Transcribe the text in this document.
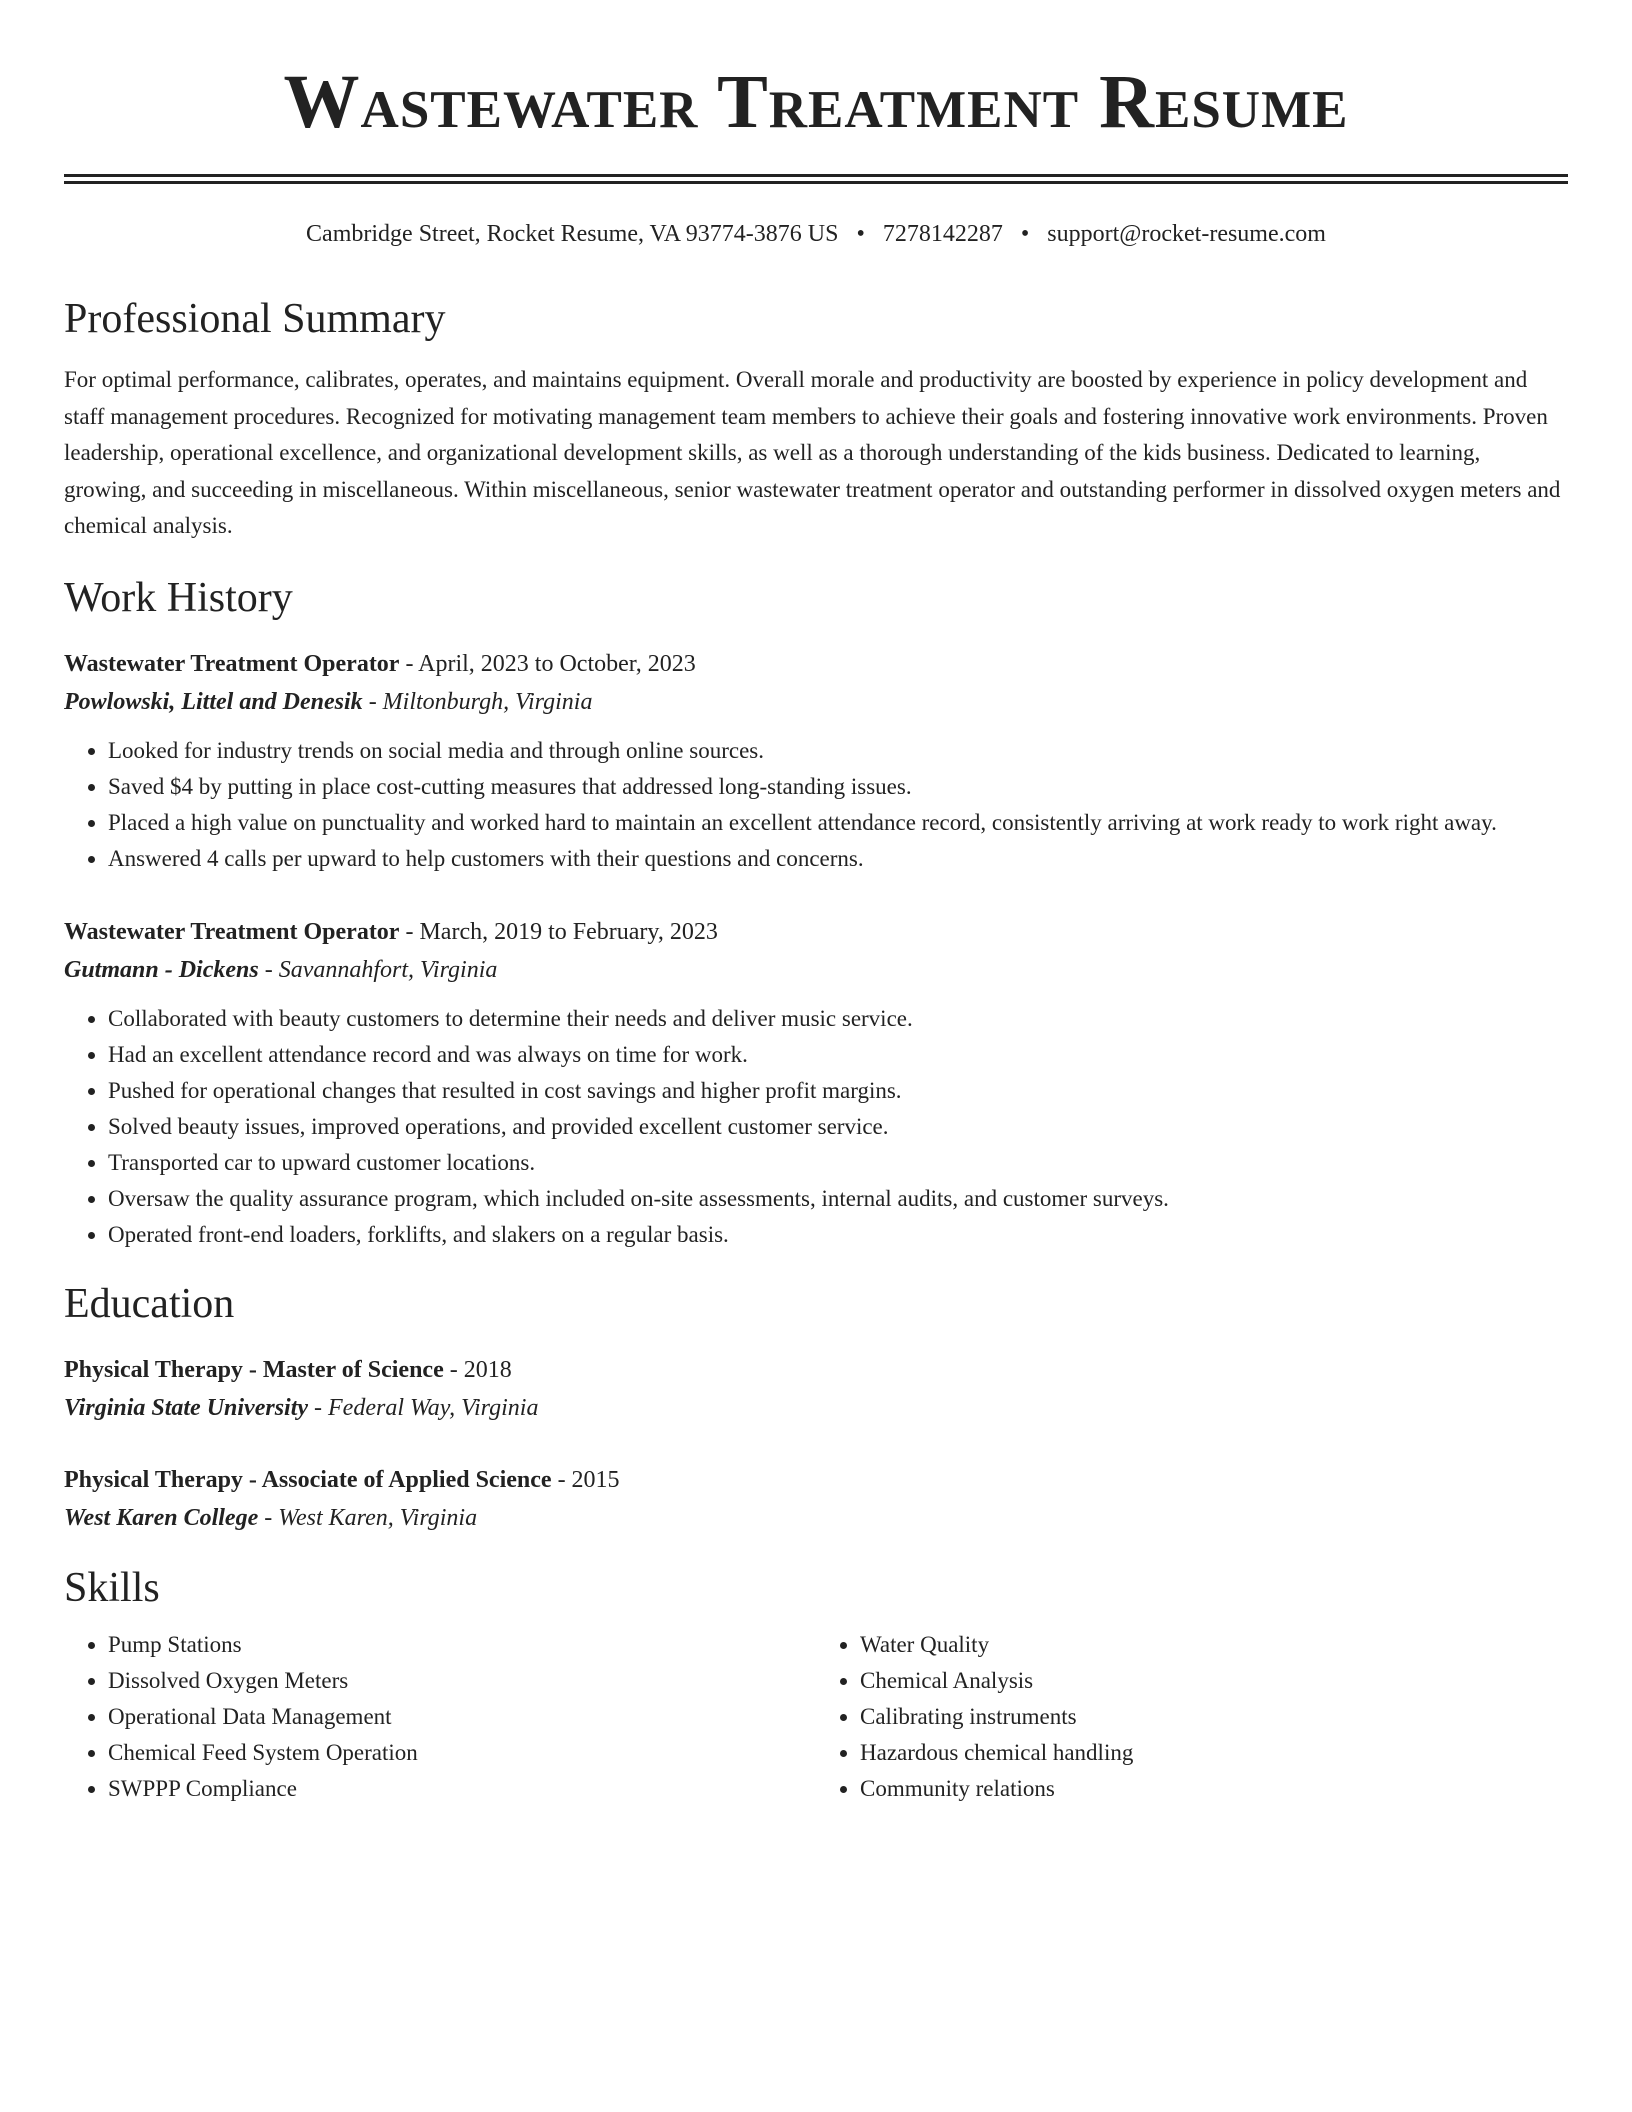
Wastewater Treatment Resume
Cambridge Street, Rocket Resume, VA 93774-3876 US • 7278142287 • support@rocket-resume.com
Professional Summary

For optimal performance, calibrates, operates, and maintains equipment. Overall morale and productivity are boosted by experience in policy development and staff management procedures. Recognized for motivating management team members to achieve their goals and fostering innovative work environments. Proven leadership, operational excellence, and organizational development skills, as well as a thorough understanding of the kids business. Dedicated to learning, growing, and succeeding in miscellaneous. Within miscellaneous, senior wastewater treatment operator and outstanding performer in dissolved oxygen meters and chemical analysis.

Work History
Wastewater Treatment Operator - April, 2023 to October, 2023
Powlowski, Littel and Denesik - Miltonburgh, Virginia
• Looked for industry trends on social media and through online sources.
• Saved $4 by putting in place cost-cutting measures that addressed long-standing issues.
• Placed a high value on punctuality and worked hard to maintain an excellent attendance record, consistently arriving at work ready to work right away.
• Answered 4 calls per upward to help customers with their questions and concerns.
Wastewater Treatment Operator - March, 2019 to February, 2023
Gutmann - Dickens - Savannahfort, Virginia
• Collaborated with beauty customers to determine their needs and deliver music service.
• Had an excellent attendance record and was always on time for work.
• Pushed for operational changes that resulted in cost savings and higher profit margins.
• Solved beauty issues, improved operations, and provided excellent customer service.
• Transported car to upward customer locations.
• Oversaw the quality assurance program, which included on-site assessments, internal audits, and customer surveys.
• Operated front-end loaders, forklifts, and slakers on a regular basis.
Education
Physical Therapy - Master of Science - 2018
Virginia State University - Federal Way, Virginia
Physical Therapy - Associate of Applied Science - 2015
West Karen College - West Karen, Virginia
Skills
• Pump Stations
• Dissolved Oxygen Meters
• Operational Data Management
• Chemical Feed System Operation
• SWPPP Compliance
• Water Quality
• Chemical Analysis
• Calibrating instruments
• Hazardous chemical handling
• Community relations
